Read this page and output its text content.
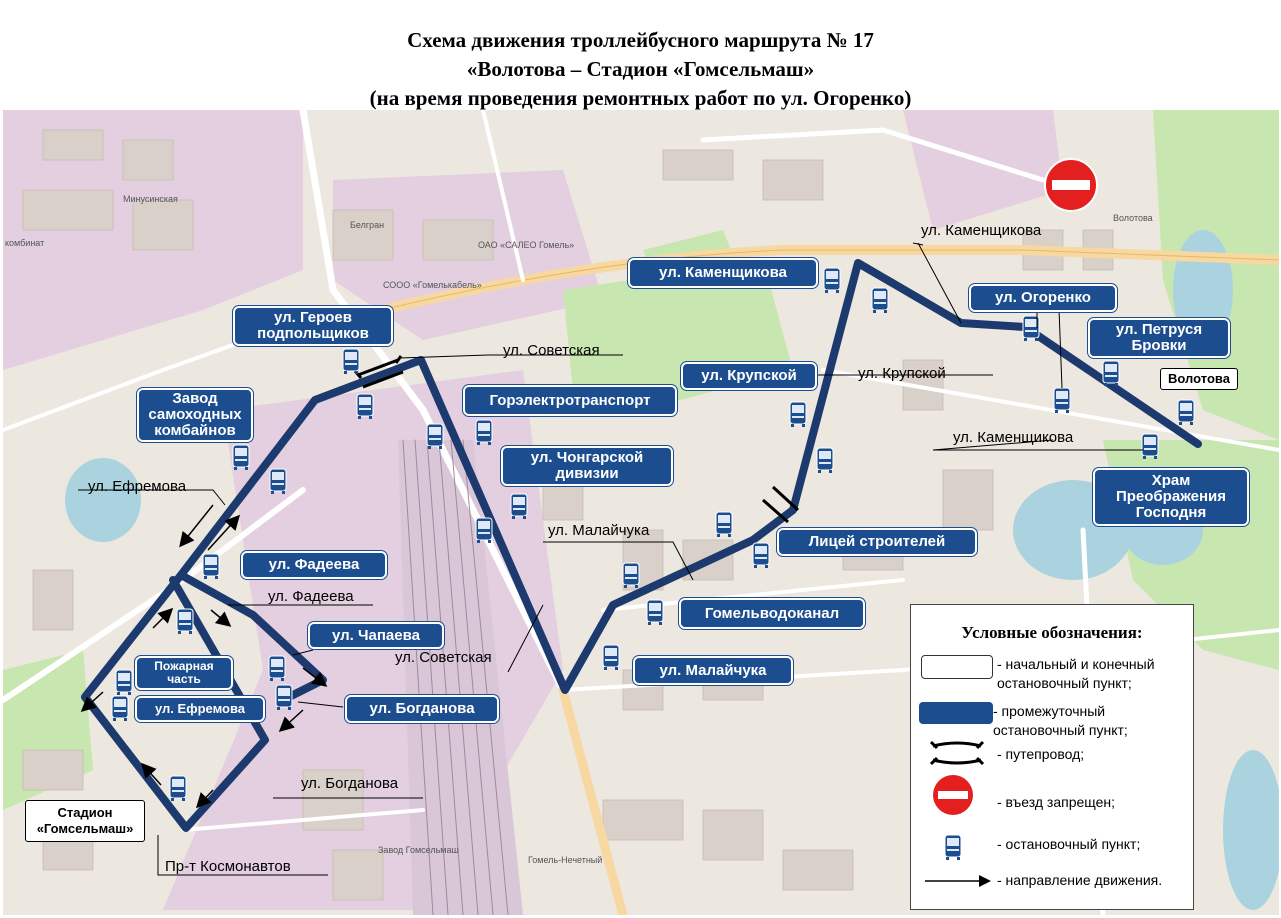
Схема движения троллейбусного маршрута № 17
«Волотова – Стадион «Гомсельмаш»
(на время проведения ремонтных работ по ул. Огоренко)
Минусинская
комбинат
Волотова
Белгран
ОАО «САЛЕО Гомель»
СООО «Гомелькабель»
Завод Гомсельмаш
Гомель-Нечетный
ул. Каменщикова
ул. Каменщикова
ул. Советская
ул. Советская
ул. Крупской
ул. Ефремова
ул. Малайчука
ул. Фадеева
ул. Богданова
Пр-т Космонавтов
Волотова
Стадион
«Гомсельмаш»
ул. Каменщикова
ул. Огоренко
ул. Петруся
Бровки
Храм
Преображения
Господня
ул. Героев
подпольщиков
Завод
самоходных
комбайнов
Горэлектротранспорт
ул. Крупской
ул. Чонгарской
дивизии
Лицей строителей
ул. Фадеева
ул. Чапаева
ул. Богданова
Пожарная
часть
ул. Ефремова
Гомельводоканал
ул. Малайчука
Условные обозначения:
- начальный и конечный остановочный пункт;
- промежуточный остановочный пункт;
- путепровод;
- въезд запрещен;
- остановочный пункт;
- направление движения.
